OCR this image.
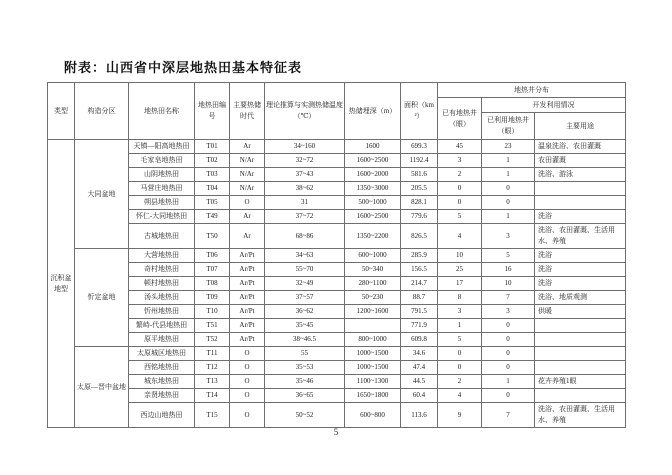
附表：山西省中深层地热田基本特征表
类型	构造分区	地热田名称	地热田编号	主要热储时代	理论推算与实测热储温度（℃）	热储埋深（m）	面积（km²）	地热井分布		
								已有地热井（眼）	开发利用情况	
									已利用地热井（眼）	主要用途
沉积盆地型	大同盆地	天镇—阳高地热田	T01	Ar	34~160	1600	699.3	45	23	温泉洗浴、农田灌溉
		毛家皂地热田	T02	N/Ar	32~72	1600~2500	1192.4	3	1	农田灌溉
		山阴地热田	T03	N/Ar	37~43	1600~2000	581.6	2	1	洗浴、游泳
		马营庄地热田	T04	N/Ar	38~62	1350~3000	205.5	0	0	
		朔县地热田	T05	O	31	500~1000	828.1	0	0	
		怀仁-大同地热田	T49	Ar	37~72	1600~2500	779.6	5	1	洗浴
		古城地热田	T50	Ar	68~86	1350~2200	826.5	4	3	洗浴、农田灌溉、生活用水、养殖
	忻定盆地	大营地热田	T06	Ar/Pt	34~63	600~1000	285.9	10	5	洗浴
		奇村地热田	T07	Ar/Pt	55~70	50~340	156.5	25	16	洗浴
		顿村地热田	T08	Ar/Pt	32~49	280~1100	214.7	17	10	洗浴
		汤头地热田	T09	Ar/Pt	37~57	50~230	88.7	8	7	洗浴、地质观测
		忻州地热田	T10	Ar/Pt	36~62	1200~1600	791.5	3	3	供暖
		繁峙-代县地热田	T51	Ar/Pt	35~45		771.9	1	0	
		原平地热田	T52	Ar/Pt	38~46.5	800~1000	609.8	5	0	
	太原—晋中盆地	太原城区地热田	T11	O	55	1000~1500	34.6	0	0	
		西铭地热田	T12	O	35~53	1000~1500	47.4	0	0	
		城东地热田	T13	O	35~46	1100~1300	44.5	2	1	花卉养殖1眼
		亲贤地热田	T14	O	36~65	1650~1800	60.4	4	0	
		西边山地热田	T15	O	50~52	600~800	113.6	9	7	洗浴、农田灌溉、生活用水、养殖
5
